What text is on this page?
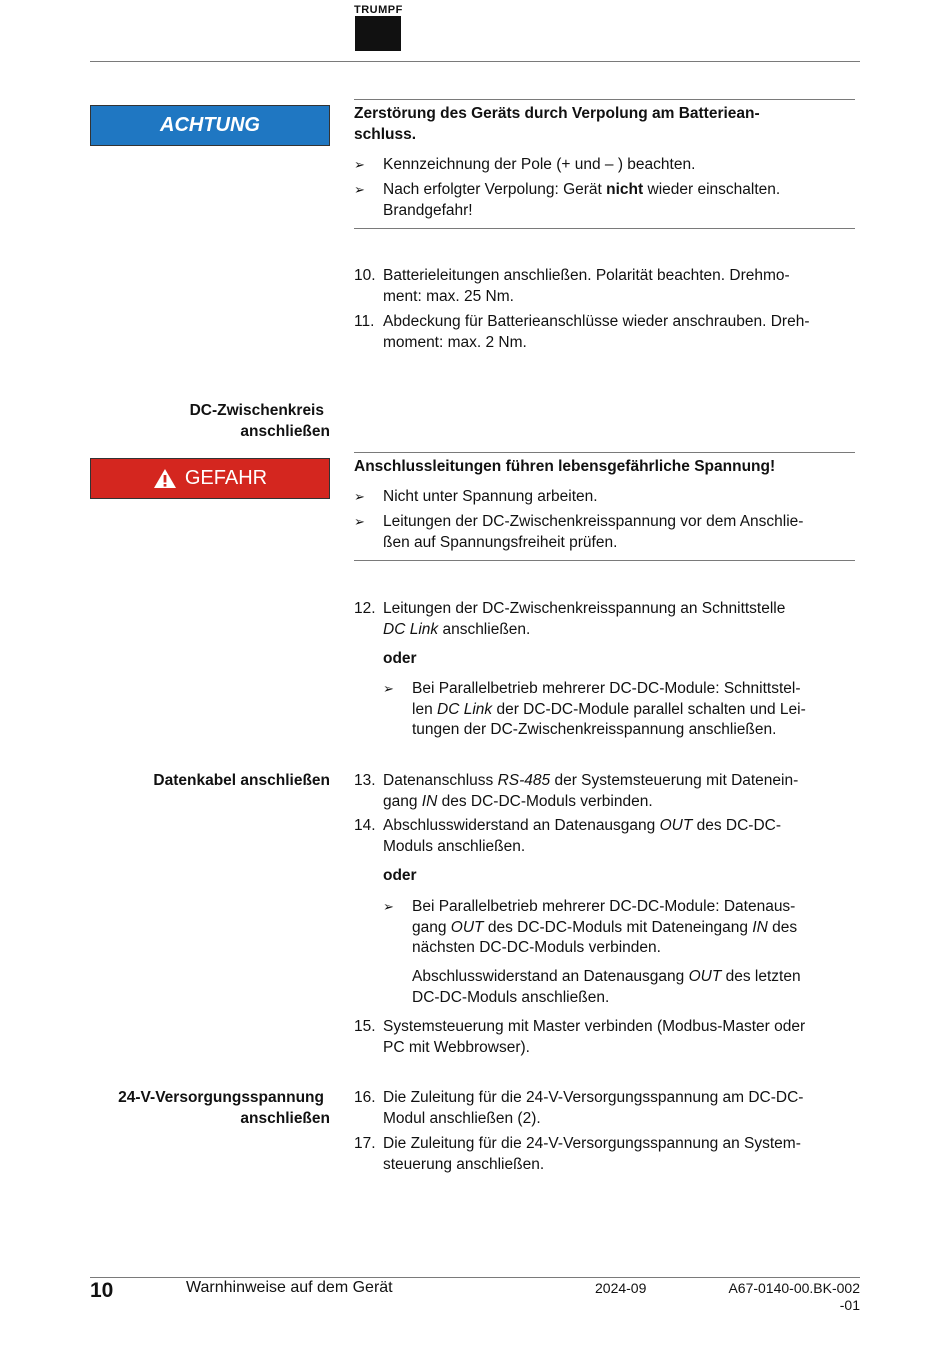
TRUMPF
ACHTUNG
Zerstörung des Geräts durch Verpolung am Batteriean-
schluss.
➢ Kennzeichnung der Pole (+ und – ) beachten.
➢ Nach erfolgter Verpolung: Gerät nicht wieder einschalten.
Brandgefahr!
10. Batterieleitungen anschließen. Polarität beachten. Drehmo-
ment: max. 25 Nm.
11. Abdeckung für Batterieanschlüsse wieder anschrauben. Dreh-
moment: max. 2 Nm.
DC-Zwischenkreis
anschließen
GEFAHR
Anschlussleitungen führen lebensgefährliche Spannung!
➢ Nicht unter Spannung arbeiten.
➢ Leitungen der DC-Zwischenkreisspannung vor dem Anschlie-
ßen auf Spannungsfreiheit prüfen.
12. Leitungen der DC-Zwischenkreisspannung an Schnittstelle
DC Link anschließen.
oder
➢ Bei Parallelbetrieb mehrerer DC-DC-Module: Schnittstel-
len DC Link der DC-DC-Module parallel schalten und Lei-
tungen der DC-Zwischenkreisspannung anschließen.
Datenkabel anschließen 13. Datenanschluss RS-485 der Systemsteuerung mit Datenein-
gang IN des DC-DC-Moduls verbinden.
14. Abschlusswiderstand an Datenausgang OUT des DC-DC-
Moduls anschließen.
oder
➢ Bei Parallelbetrieb mehrerer DC-DC-Module: Datenaus-
gang OUT des DC-DC-Moduls mit Dateneingang IN des
nächsten DC-DC-Moduls verbinden.
Abschlusswiderstand an Datenausgang OUT des letzten
DC-DC-Moduls anschließen.
15. Systemsteuerung mit Master verbinden (Modbus-Master oder
PC mit Webbrowser).
24-V-Versorgungsspannung
anschließen
16. Die Zuleitung für die 24-V-Versorgungsspannung am DC-DC-
Modul anschließen (2).
17. Die Zuleitung für die 24-V-Versorgungsspannung an System-
steuerung anschließen.
10	Warnhinweise auf dem Gerät	2024-09	A67-0140-00.BK-002
-01
